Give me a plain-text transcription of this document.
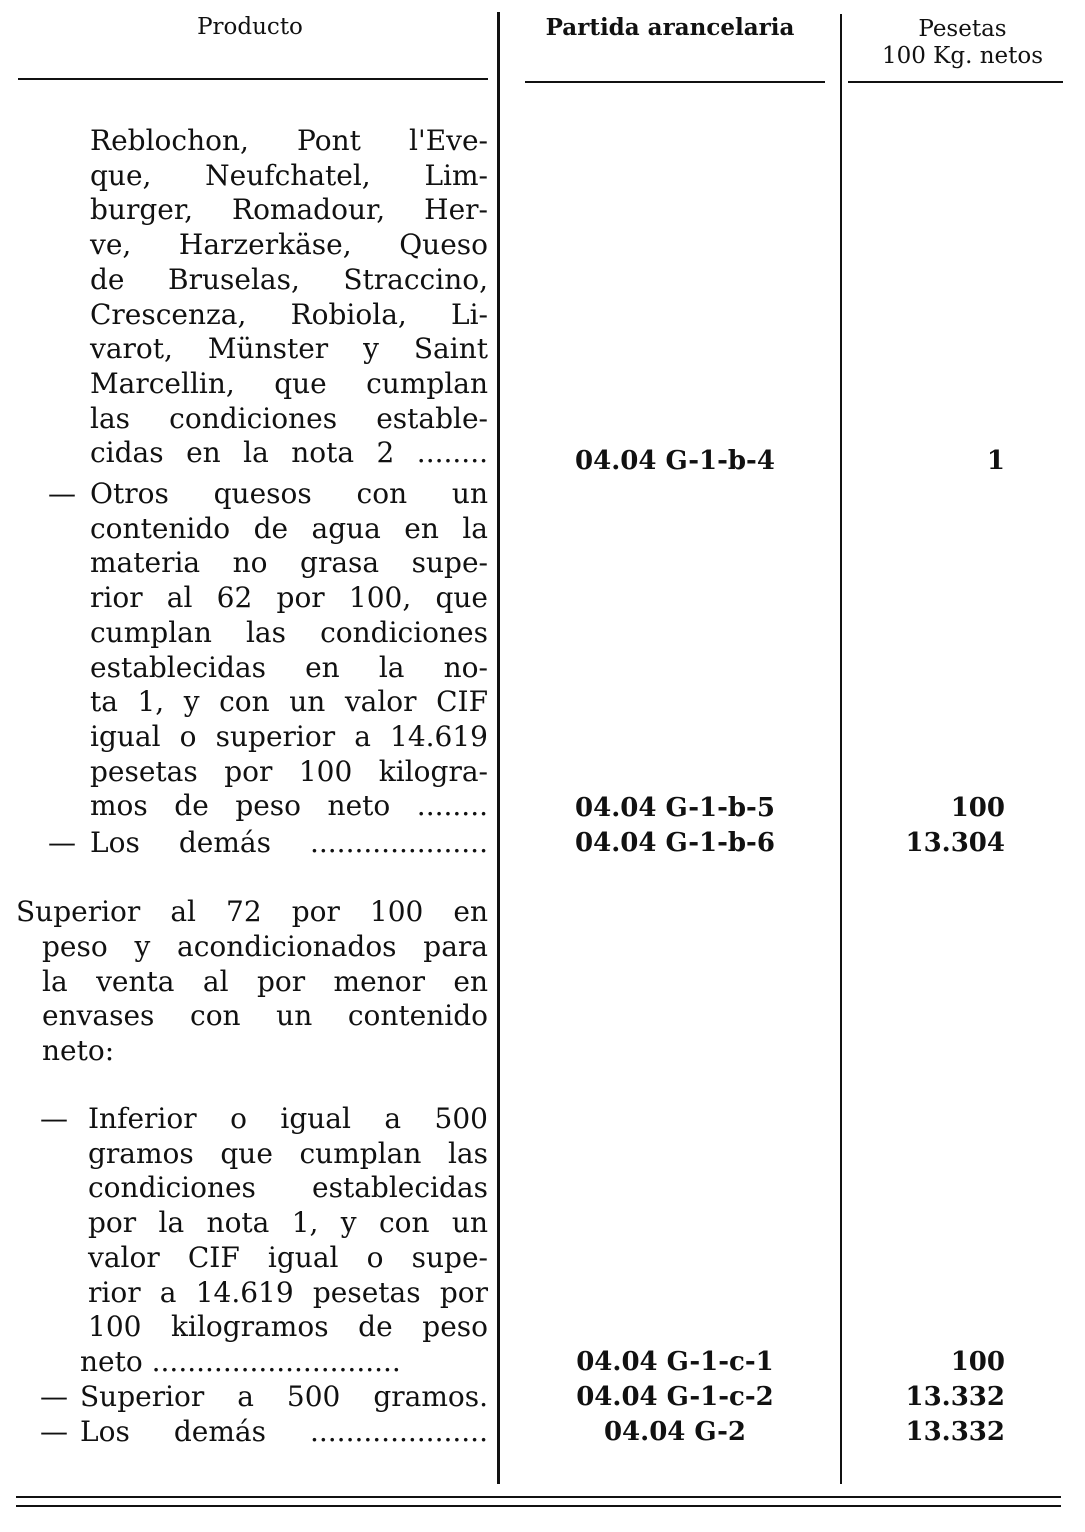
Producto	Partida arancelaria	Pesetas
100 Kg. netos
Reblochon, Pont l'Eve-
que, Neufchatel, Lim-
burger, Romadour, Her-
ve, Harzerkäse, Queso
de Bruselas, Straccino,
Crescenza, Robiola, Li-
varot, Münster y Saint
Marcellin, que cumplan
las condiciones estable-
cidas en la nota 2 ........	04.04 G-1-b-4	1
— Otros quesos con un
contenido de agua en la
materia no grasa supe-
rior al 62 por 100, que
cumplan las condiciones
establecidas en la no-
ta 1, y con un valor CIF
igual o superior a 14.619
pesetas por 100 kilogra-
mos de peso neto ........	04.04 G-1-b-5	100
— Los demás ....................	04.04 G-1-b-6	13.304
Superior al 72 por 100 en
peso y acondicionados para
la venta al por menor en
envases con un contenido
neto:
— Inferior o igual a 500
gramos que cumplan las
condiciones establecidas
por la nota 1, y con un
valor CIF igual o supe-
rior a 14.619 pesetas por
100 kilogramos de peso
neto ............................	04.04 G-1-c-1	100
— Superior a 500 gramos.	04.04 G-1-c-2	13.332
— Los demás ....................	04.04 G-2	13.332
